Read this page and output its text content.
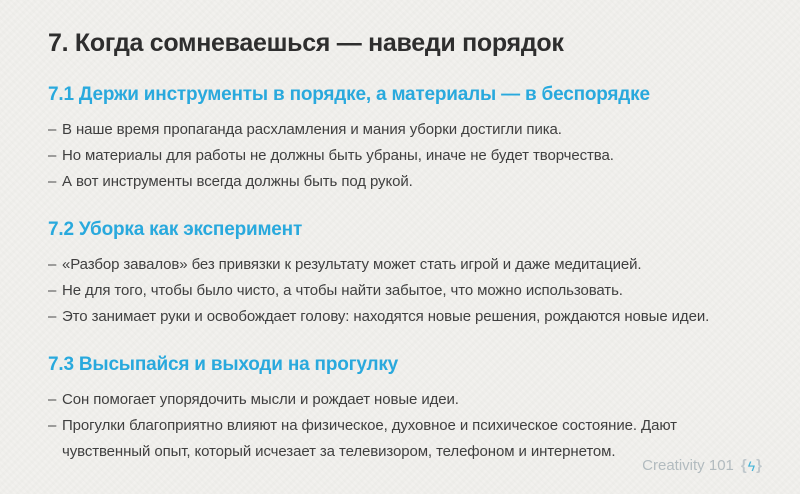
7. Когда сомневаешься — наведи порядок
7.1 Держи инструменты в порядке, а материалы — в беспорядке
– В наше время пропаганда расхламления и мания уборки достигли пика.
– Но материалы для работы не должны быть убраны, иначе не будет творчества.
– А вот инструменты всегда должны быть под рукой.
7.2 Уборка как эксперимент
– «Разбор завалов» без привязки к результату может стать игрой и даже медитацией.
– Не для того, чтобы было чисто, а чтобы найти забытое, что можно использовать.
– Это занимает руки и освобождает голову: находятся новые решения, рождаются новые идеи.
7.3 Высыпайся и выходи на прогулку
– Сон помогает упорядочить мысли и рождает новые идеи.
– Прогулки благоприятно влияют на физическое, духовное и психическое состояние. Дают чувственный опыт, который исчезает за телевизором, телефоном и интернетом.
Creativity 101 { ϟ }
